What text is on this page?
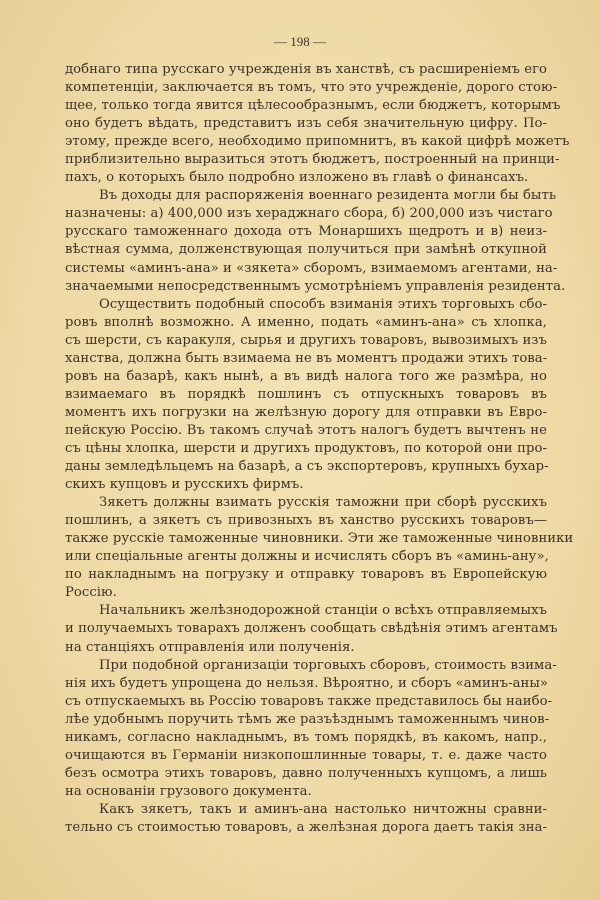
— 198 —
добнаго типа русскаго учрежденія въ ханствѣ, съ расширеніемъ его
компетенціи, заключается въ томъ, что это учрежденіе, дорого стою-
щее, только тогда явится цѣлесообразнымъ, если бюджетъ, которымъ
оно будетъ вѣдать, представитъ изъ себя значительную цифру. По-
этому, прежде всего, необходимо припомнитъ, въ какой цифрѣ можетъ
приблизительно выразиться этотъ бюджетъ, построенный на принци-
пахъ, о которыхъ было подробно изложено въ главѣ о финансахъ.
Въ доходы для распоряженія военнаго резидента могли бы быть
назначены: а) 400,000 изъ хераджнаго сбора, б) 200,000 изъ чистаго
русскаго таможеннаго дохода отъ Монаршихъ щедротъ и в) неиз-
вѣстная сумма, долженствующая получиться при замѣнѣ откупной
системы «аминъ-ана» и «зякета» сборомъ, взимаемомъ агентами, на-
значаемыми непосредственнымъ усмотрѣніемъ управленія резидента.
Осуществить подобный способъ взиманія этихъ торговыхъ сбо-
ровъ вполнѣ возможно. А именно, подать «аминъ-ана» съ хлопка,
съ шерсти, съ каракуля, сырья и другихъ товаровъ, вывозимыхъ изъ
ханства, должна быть взимаема не въ моментъ продажи этихъ това-
ровъ на базарѣ, какъ нынѣ, а въ видѣ налога того же размѣра, но
взимаемаго въ порядкѣ пошлинъ съ отпускныхъ товаровъ въ
моментъ ихъ погрузки на желѣзную дорогу для отправки въ Евро-
пейскую Россію. Въ такомъ случаѣ этотъ налогъ будетъ вычтенъ не
съ цѣны хлопка, шерсти и другихъ продуктовъ, по которой они про-
даны земледѣльцемъ на базарѣ, а съ экспортеровъ, крупныхъ бухар-
скихъ купцовъ и русскихъ фирмъ.
Зякетъ должны взимать русскія таможни при сборѣ русскихъ
пошлинъ, а зякетъ съ привозныхъ въ ханство русскихъ товаровъ—
также русскіе таможенные чиновники. Эти же таможенные чиновники
или спеціальные агенты должны и исчислять сборъ въ «аминь-ану»,
по накладнымъ на погрузку и отправку товаровъ въ Европейскую
Россію.
Начальникъ желѣзнодорожной станціи о всѣхъ отправляемыхъ
и получаемыхъ товарахъ долженъ сообщать свѣдѣнія этимъ агентамъ
на станціяхъ отправленія или полученія.
При подобной организаціи торговыхъ сборовъ, стоимость взима-
нія ихъ будетъ упрощена до нельзя. Вѣроятно, и сборъ «аминъ-аны»
съ отпускаемыхъ вь Россію товаровъ также представилось бы наибо-
лѣе удобнымъ поручить тѣмъ же разъѣзднымъ таможеннымъ чинов-
никамъ, согласно накладнымъ, въ томъ порядкѣ, въ какомъ, напр.,
очищаются въ Германіи низкопошлинные товары, т. е. даже часто
безъ осмотра этихъ товаровъ, давно полученныхъ купцомъ, а лишь
на основаніи грузового документа.
Какъ зякетъ, такъ и аминъ-ана настолько ничтожны сравни-
тельно съ стоимостью товаровъ, а желѣзная дорога даетъ такія зна-
